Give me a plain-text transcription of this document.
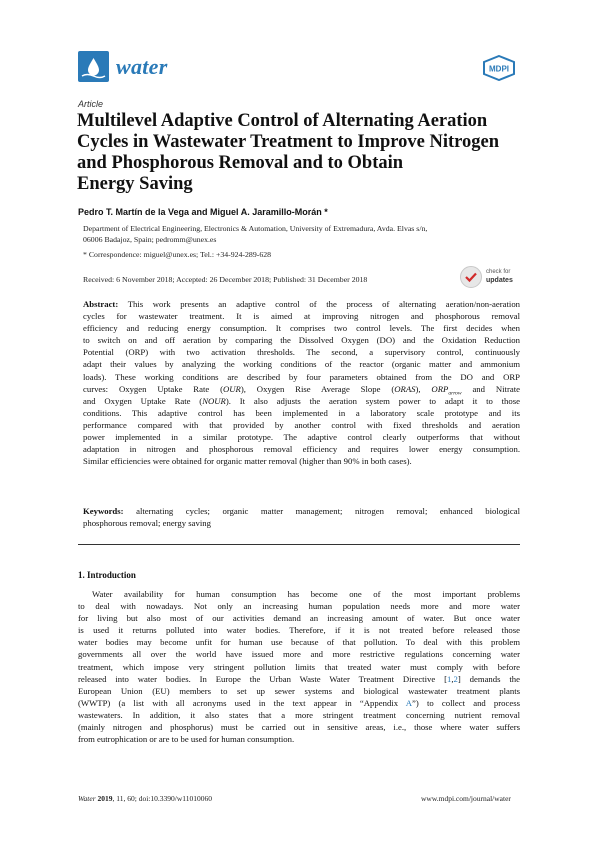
water	MDPI
Article
Multilevel Adaptive Control of Alternating Aeration
Cycles in Wastewater Treatment to Improve Nitrogen
and Phosphorous Removal and to Obtain
Energy Saving
Pedro T. Martín de la Vega and Miguel A. Jaramillo-Morán *
Department of Electrical Engineering, Electronics & Automation, University of Extremadura, Avda. Elvas s/n,
06006 Badajoz, Spain; pedromm@unex.es
* Correspondence: miguel@unex.es; Tel.: +34-924-289-628
Received: 6 November 2018; Accepted: 26 December 2018; Published: 31 December 2018
check for
updates
Abstract: This work presents an adaptive control of the process of alternating aeration/non-aeration
cycles for wastewater treatment. It is aimed at improving nitrogen and phosphorous removal
efficiency and reducing energy consumption. It comprises two control levels. The first decides when
to switch on and off aeration by comparing the Dissolved Oxygen (DO) and the Oxidation Reduction
Potential (ORP) with two activation thresholds. The second, a supervisory control, continuously
adapt their values by analyzing the working conditions of the reactor (organic matter and ammonium
loads). These working conditions are described by four parameters obtained from the DO and ORP
curves: Oxygen Uptake Rate (OUR), Oxygen Rise Average Slope (ORAS), $ORP_{arrow}$ and Nitrate
and Oxygen Uptake Rate (NOUR). It also adjusts the aeration system power to adapt it to those
conditions. This adaptive control has been implemented in a laboratory scale prototype and its
performance compared with that provided by another control with fixed thresholds and aeration
power implemented in a similar prototype. The adaptive control clearly outperforms that without
adaptation in nitrogen and phosphorous removal efficiency and requires lower energy consumption.
Similar efficiencies were obtained for organic matter removal (higher than 90% in both cases).
Keywords: alternating cycles; organic matter management; nitrogen removal; enhanced biological
phosphorous removal; energy saving
1. Introduction
Water availability for human consumption has become one of the most important problems
to deal with nowadays. Not only an increasing human population needs more and more water
for living but also most of our activities demand an increasing amount of water. But once water
is used it returns polluted into water bodies. Therefore, if it is not treated before released those
water bodies may become unfit for human use because of that pollution. To deal with this problem
governments all over the world have issued more and more restrictive regulations concerning water
treatment, which impose very stringent pollution limits that treated water must comply with before
released into water bodies. In Europe the Urban Waste Water Treatment Directive [1,2] demands the
European Union (EU) members to set up sewer systems and biological wastewater treatment plants
(WWTP) (a list with all acronyms used in the text appear in “Appendix A”) to collect and process
wastewaters. In addition, it also states that a more stringent treatment concerning nutrient removal
(mainly nitrogen and phosphorus) must be carried out in sensitive areas, i.e., those where water suffers
from eutrophication or are to be used for human consumption.
Water 2019, 11, 60; doi:10.3390/w11010060	www.mdpi.com/journal/water
